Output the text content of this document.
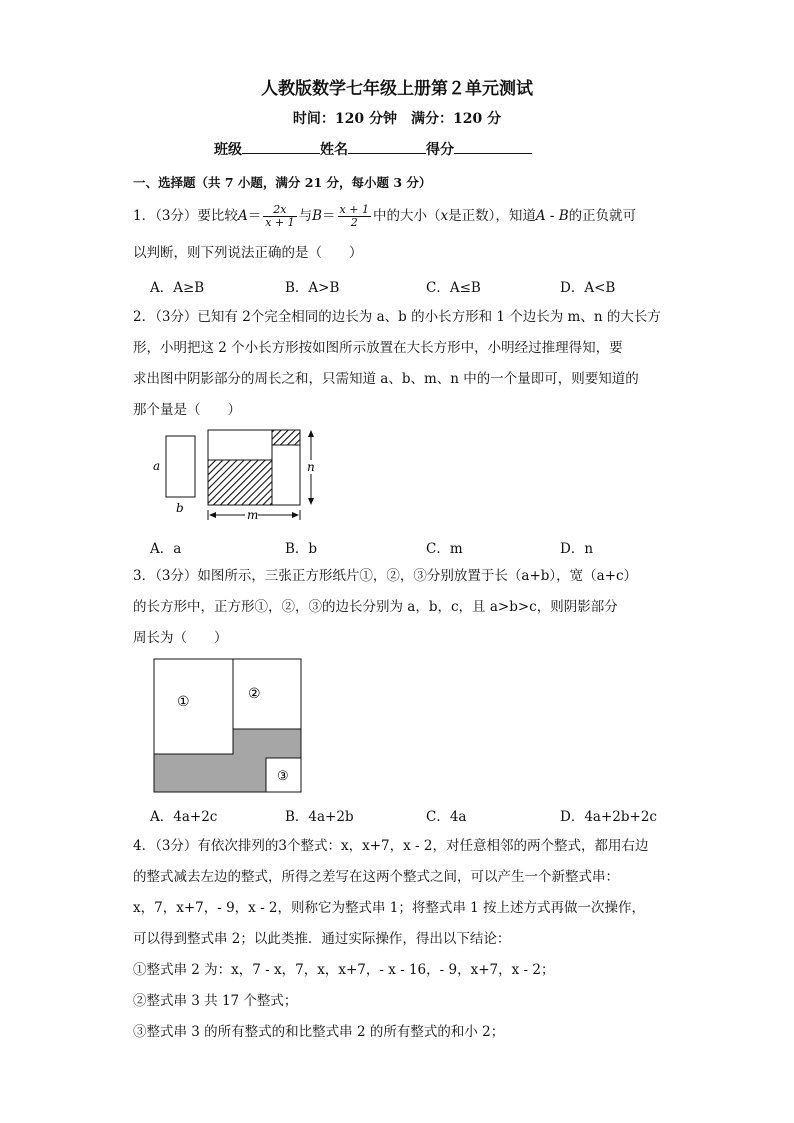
人教版数学七年级上册第２单元测试
时间：120 分钟　满分：120 分
班级	姓名	得分
一、选择题（共 7 小题，满分 21 分，每小题 3 分）
1．（3分）要比较$A= \frac{2x}{x + 1}$ 与$B= \frac{x + 1}{2}$ 中的大小（x是正数），知道A - B的正负就可
以判断，则下列说法正确的是（　　）
A．A≥B	B．A>B	C．A≤B	D．A<B
2．（3分）已知有 2个完全相同的边长为 a、b 的小长方形和 1 个边长为 m、n 的大长方
形，小明把这 2 个小长方形按如图所示放置在大长方形中，小明经过推理得知，要
求出图中阴影部分的周长之和，只需知道 a、b、m、n 中的一个量即可，则要知道的
那个量是（　　）
a
b
n
m
A．a	B．b	C．m	D．n
3．（3分）如图所示，三张正方形纸片①，②，③分别放置于长（a+b），宽（a+c）
的长方形中，正方形①，②，③的边长分别为 a，b，c，且 a>b>c，则阴影部分
周长为（　　）
①	②
③
A．4a+2c	B．4a+2b	C．4a	D．4a+2b+2c
4．（3分）有依次排列的3个整式：x，x+7，x - 2，对任意相邻的两个整式，都用右边
的整式减去左边的整式，所得之差写在这两个整式之间，可以产生一个新整式串：
x，7，x+7，- 9，x - 2，则称它为整式串 1；将整式串 1 按上述方式再做一次操作，
可以得到整式串 2；以此类推．通过实际操作，得出以下结论：
①整式串 2 为：x，7 - x，7，x，x+7，- x - 16，- 9，x+7，x - 2；
②整式串 3 共 17 个整式；
③整式串 3 的所有整式的和比整式串 2 的所有整式的和小 2；
